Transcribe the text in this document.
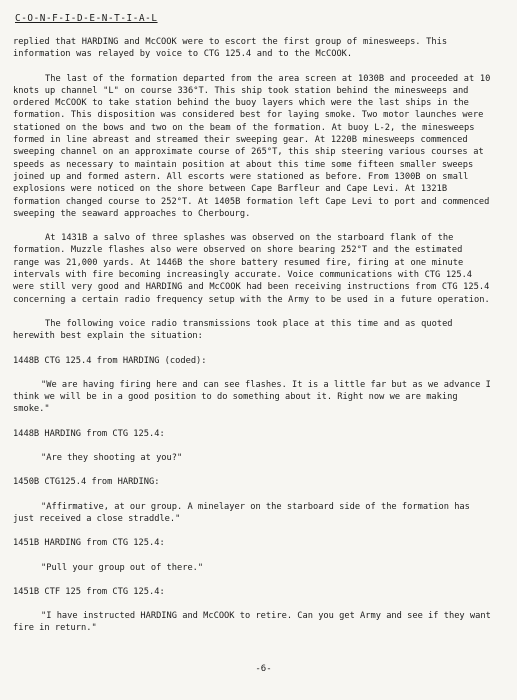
C-O-N-F-I-D-E-N-T-I-A-L

replied that HARDING and McCOOK were to escort the first group of minesweeps. This information was relayed by voice to CTG 125.4 and to the McCOOK.

The last of the formation departed from the area screen at 1030B and proceeded at 10 knots up channel "L" on course 336°T. This ship took station behind the minesweeps and ordered McCOOK to take station behind the buoy layers which were the last ships in the formation. This disposition was considered best for laying smoke. Two motor launches were stationed on the bows and two on the beam of the formation. At buoy L-2, the minesweeps formed in line abreast and streamed their sweeping gear. At 1220B minesweeps commenced sweeping channel on an approximate course of 265°T, this ship steering various courses at speeds as necessary to maintain position at about this time some fifteen smaller sweeps joined up and formed astern. All escorts were stationed as before. From 1300B on small explosions were noticed on the shore between Cape Barfleur and Cape Levi. At 1321B formation changed course to 252°T. At 1405B formation left Cape Levi to port and commenced sweeping the seaward approaches to Cherbourg.

At 1431B a salvo of three splashes was observed on the starboard flank of the formation. Muzzle flashes also were observed on shore bearing 252°T and the estimated range was 21,000 yards. At 1446B the shore battery resumed fire, firing at one minute intervals with fire becoming increasingly accurate. Voice communications with CTG 125.4 were still very good and HARDING and McCOOK had been receiving instructions from CTG 125.4 concerning a certain radio frequency setup with the Army to be used in a future operation.

The following voice radio transmissions took place at this time and as quoted herewith best explain the situation:

1448B CTG 125.4 from HARDING (coded):
"We are having firing here and can see flashes. It is a little far but as we advance I think we will be in a good position to do something about it. Right now we are making smoke."
1448B HARDING from CTG 125.4:
"Are they shooting at you?"
1450B CTG125.4 from HARDING:
"Affirmative, at our group. A minelayer on the starboard side of the formation has just received a close straddle."
1451B HARDING from CTG 125.4:
"Pull your group out of there."
1451B CTF 125 from CTG 125.4:
"I have instructed HARDING and McCOOK to retire. Can you get Army and see if they want fire in return."
-6-
